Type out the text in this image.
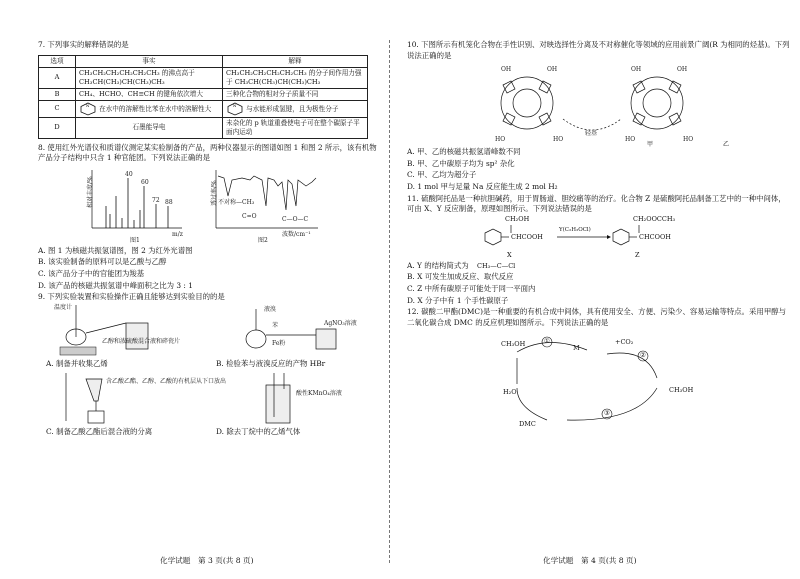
7. 下列事实的解释错误的是

选项	事实	解释
A	CH₃CH₂CH₂CH₂CH₂CH₃ 的沸点高于 CH₃CH(CH₃)CH(CH₃)CH₃	CH₃CH₂CH₂CH₂CH₂CH₃ 的分子间作用力强于 CH₃CH(CH₃)CH(CH₃)CH₃
B	CH₄、HCHO、CH≡CH 的键角依次增大	三种化合物的相对分子质量不同
C	N 在水中的溶解性比苯在水中的溶解性大	N 与水能形成氢键，且为极性分子
D	石墨能导电	未杂化的 p 轨道重叠使电子可在整个碳原子平面内运动

8. 使用红外光谱仪和质谱仪测定某实验制备的产品，两种仪器显示的图谱如图 1 和图 2 所示，该有机物产品分子结构中只含 1 种官能团。下列说法正确的是

相对丰度/%
m/z
40
60
72 88
图1
透过率/% 不对称—CH₃
C=O	C—O—C
波数/cm⁻¹
图2

A. 图 1 为核磁共振氢谱图，图 2 为红外光谱图

B. 该实验制备的原料可以是乙酸与乙醇

C. 该产品分子中的官能团为羧基

D. 该产品的核磁共振氢谱中峰面积之比为 3 : 1

9. 下列实验装置和实验操作正确且能够达到实验目的的是

温度计
乙醇和浓硫酸混合液和碎瓷片
A. 制备并收集乙烯
液溴
苯
Fe粉
AgNO₃溶液
B. 检验苯与液溴反应的产物 HBr
含乙酸乙酯、乙醇、乙酸的有机层从下口放出
C. 制备乙酸乙酯后混合液的分离
酸性KMnO₄溶液
D. 除去丁烷中的乙烯气体
化学试题　第 3 页(共 8 页)

10. 下图所示有机笼化合物在手性识别、对映选择性分离及不对称催化等领域的应用前景广阔(R 为相同的烃基)。下列说法正确的是

OH	OH
HO	HO
OH	OH
HO	HO
轻基
甲	乙

A. 甲、乙的核磁共振氢谱峰数不同

B. 甲、乙中碳原子均为 sp² 杂化

C. 甲、乙均为超分子

D. 1 mol 甲与足量 Na 反应能生成 2 mol H₂

11. 硫酸阿托品是一种抗胆碱药，用于胃肠道、胆绞痛等的治疗。化合物 Z 是硫酸阿托品制备工艺中的一种中间体，可由 X、Y 反应制备，原理如图所示。下列说法错误的是

CH₂OH
CHCOOH
Y(C₂H₃OCl)
CH₂OOCCH₃
CHCOOH
X	Z

A. Y 的结构简式为 CH₃—C—Cl

B. X 可发生加成反应、取代反应

C. Z 中所有碳原子可能处于同一平面内

D. X 分子中有 1 个手性碳原子

12. 碳酸二甲酯(DMC)是一种重要的有机合成中间体，具有使用安全、方便、污染少、容易运输等特点。采用甲醇与二氧化碳合成 DMC 的反应机理如图所示。下列说法正确的是

①
②
③
CH₃OH	+CO₂
CH₃OH
M
H₂O
DMC
化学试题　第 4 页(共 8 页)
